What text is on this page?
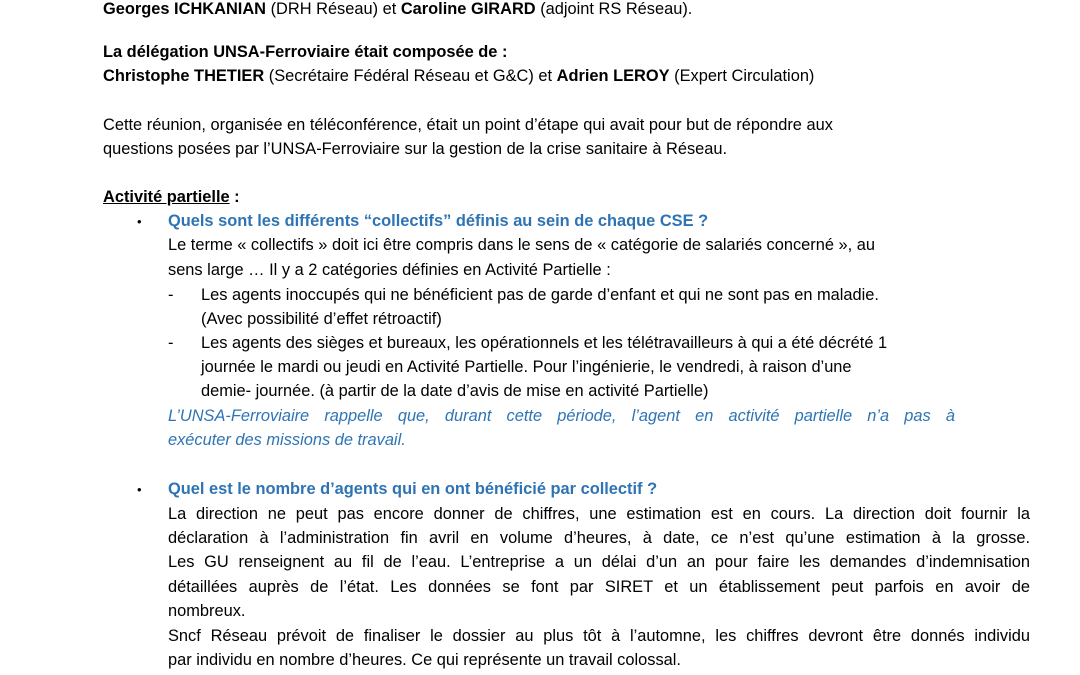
Georges ICHKANIAN (DRH Réseau) et Caroline GIRARD (adjoint RS Réseau).
La délégation UNSA-Ferroviaire était composée de :
Christophe THETIER (Secrétaire Fédéral Réseau et G&C) et Adrien LEROY (Expert Circulation)
Cette réunion, organisée en téléconférence, était un point d’étape qui avait pour but de répondre aux
questions posées par l’UNSA-Ferroviaire sur la gestion de la crise sanitaire à Réseau.
Activité partielle :
• Quels sont les différents “collectifs” définis au sein de chaque CSE ?
Le terme « collectifs » doit ici être compris dans le sens de « catégorie de salariés concerné », au
sens large … Il y a 2 catégories définies en Activité Partielle :
- Les agents inoccupés qui ne bénéficient pas de garde d’enfant et qui ne sont pas en maladie.
(Avec possibilité d’effet rétroactif)
- Les agents des sièges et bureaux, les opérationnels et les télétravailleurs à qui a été décrété 1
journée le mardi ou jeudi en Activité Partielle. Pour l’ingénierie, le vendredi, à raison d’une
demie- journée. (à partir de la date d’avis de mise en activité Partielle)
L’UNSA-Ferroviaire rappelle que, durant cette période, l’agent en activité partielle n’a pas à
exécuter des missions de travail.
• Quel est le nombre d’agents qui en ont bénéficié par collectif ?
La direction ne peut pas encore donner de chiffres, une estimation est en cours. La direction doit fournir la
déclaration à l’administration fin avril en volume d’heures, à date, ce n’est qu’une estimation à la grosse.
Les GU renseignent au fil de l’eau. L’entreprise a un délai d’un an pour faire les demandes d’indemnisation
détaillées auprès de l’état. Les données se font par SIRET et un établissement peut parfois en avoir de
nombreux.
Sncf Réseau prévoit de finaliser le dossier au plus tôt à l’automne, les chiffres devront être donnés individu
par individu en nombre d’heures. Ce qui représente un travail colossal.
